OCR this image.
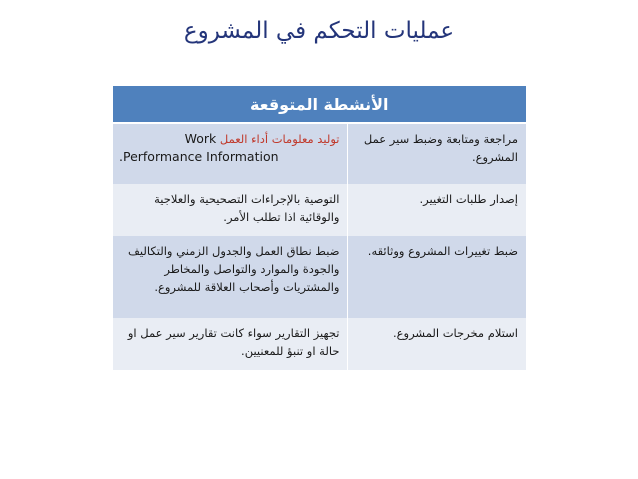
عمليات التحكم في المشروع
الأنشطة المتوقعة	
مراجعة ومتابعة وضبط سير عمل المشروع.	توليد معلومات أداء العمل Work
.Performance Information

إصدار طلبات التغيير.	التوصية بالإجراءات التصحيحية والعلاجية والوقائية اذا تطلب الأمر.
ضبط تغييرات المشروع ووثائقه.	ضبط نطاق العمل والجدول الزمني والتكاليف والجودة والموارد والتواصل والمخاطر والمشتريات وأصحاب العلاقة للمشروع.
استلام مخرجات المشروع.	تجهيز التقارير سواء كانت تقارير سير عمل او حالة او تنبؤ للمعنيين.
